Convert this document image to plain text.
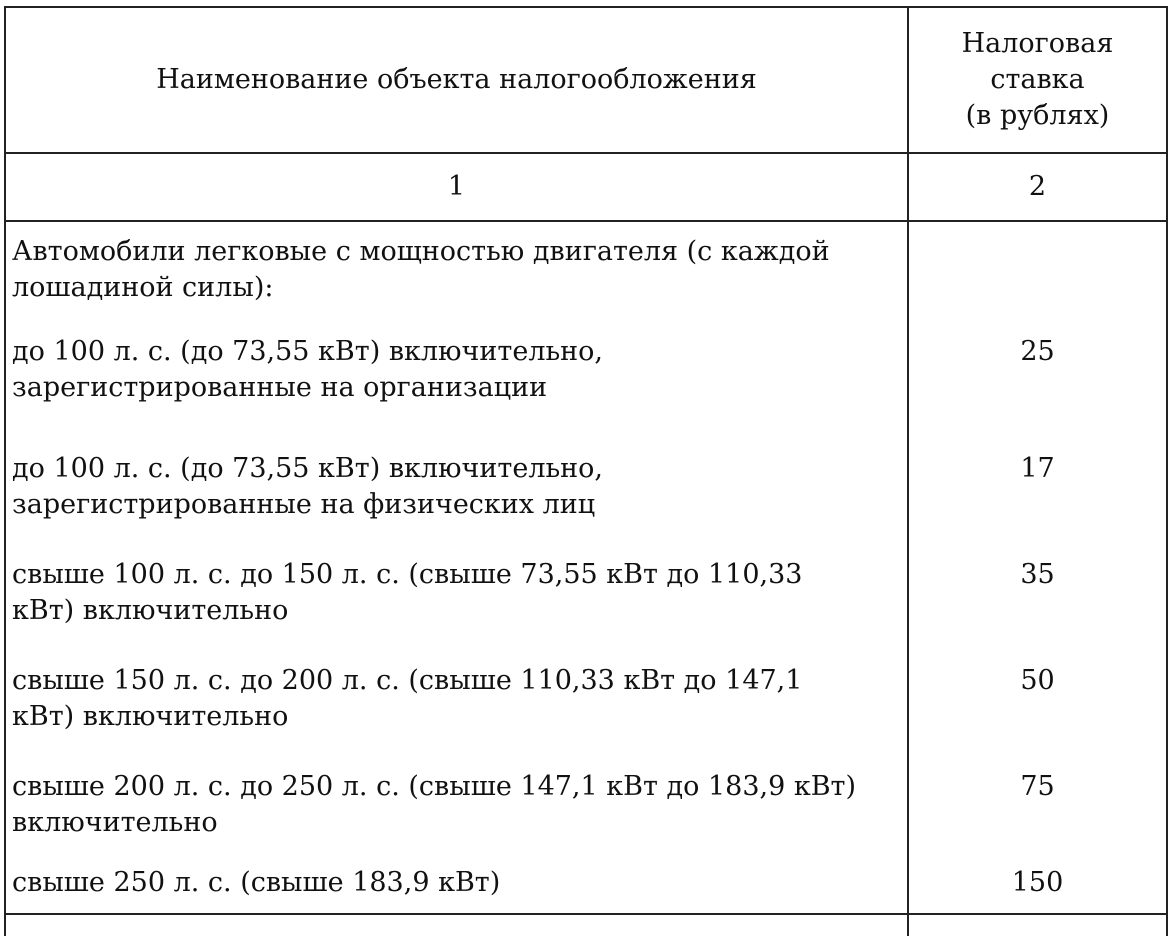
Наименование объекта налогообложения	Налоговая
ставка
(в рублях)
1	2
Автомобили легковые с мощностью двигателя (с каждой
лошадиной силы):	
до 100 л. с. (до 73,55 кВт) включительно,
зарегистрированные на организации	25
до 100 л. с. (до 73,55 кВт) включительно,
зарегистрированные на физических лиц	17
свыше 100 л. с. до 150 л. с. (свыше 73,55 кВт до 110,33
кВт) включительно	35
свыше 150 л. с. до 200 л. с. (свыше 110,33 кВт до 147,1
кВт) включительно	50
свыше 200 л. с. до 250 л. с. (свыше 147,1 кВт до 183,9 кВт)
включительно	75
свыше 250 л. с. (свыше 183,9 кВт)	150
